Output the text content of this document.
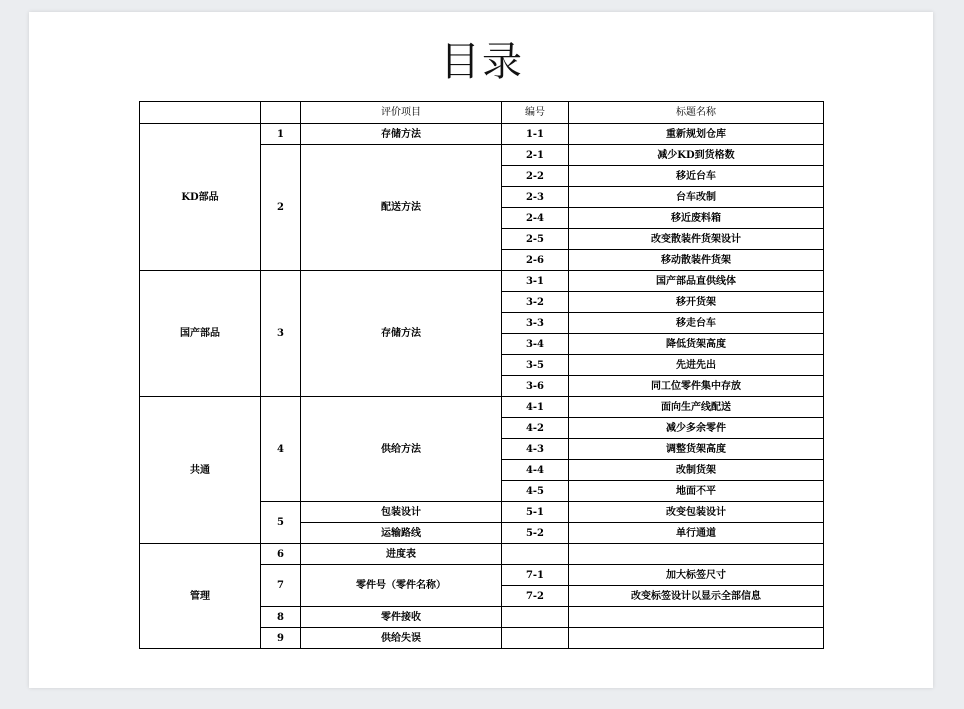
目录
		评价项目	编号	标题名称
KD部品	1	存储方法	1-1	重新规划仓库
	2	配送方法	2-1	减少KD到货格数
			2-2	移近台车
			2-3	台车改制
			2-4	移近废料箱
			2-5	改变散装件货架设计
			2-6	移动散装件货架
国产部品	3	存储方法	3-1	国产部品直供线体
			3-2	移开货架
			3-3	移走台车
			3-4	降低货架高度
			3-5	先进先出
			3-6	同工位零件集中存放
共通	4	供给方法	4-1	面向生产线配送
			4-2	减少多余零件
			4-3	调整货架高度
			4-4	改制货架
			4-5	地面不平
	5	包装设计	5-1	改变包装设计
		运输路线	5-2	单行通道
管理	6	进度表		
	7	零件号（零件名称）	7-1	加大标签尺寸
			7-2	改变标签设计以显示全部信息
	8	零件接收		
	9	供给失误		
